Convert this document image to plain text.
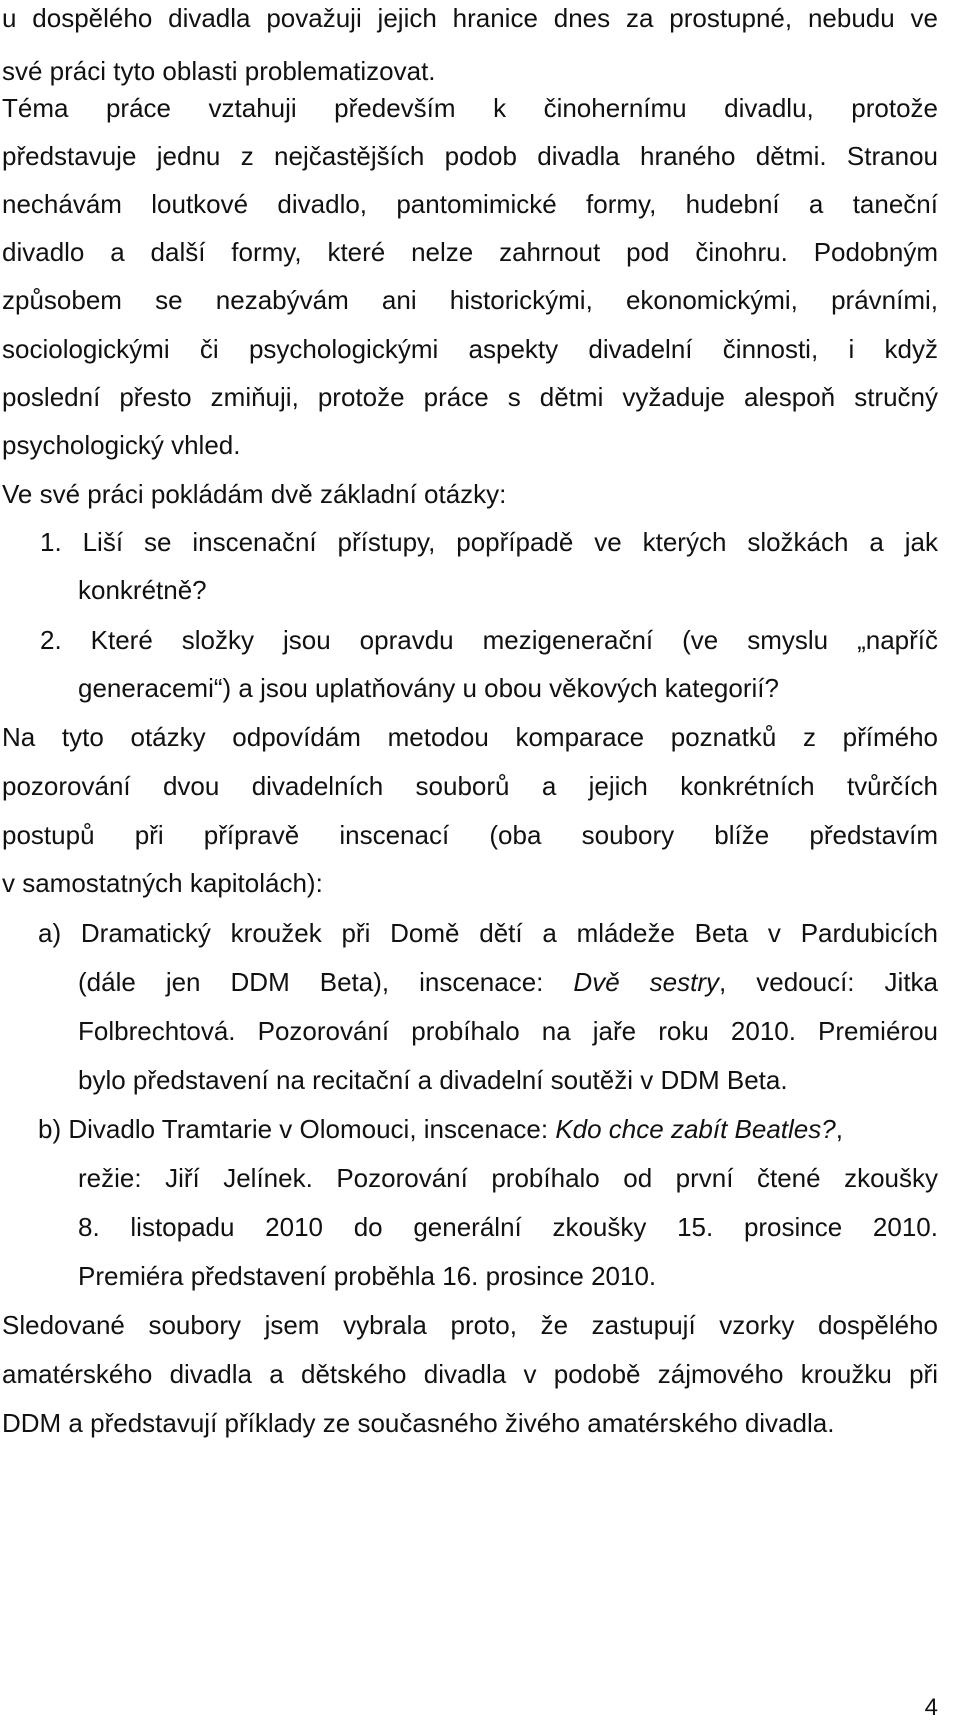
u dospělého divadla považuji jejich hranice dnes za prostupné, nebudu ve
své práci tyto oblasti problematizovat.
Téma práce vztahuji především k činohernímu divadlu, protože
představuje jednu z nejčastějších podob divadla hraného dětmi. Stranou
nechávám loutkové divadlo, pantomimické formy, hudební a taneční
divadlo a další formy, které nelze zahrnout pod činohru. Podobným
způsobem se nezabývám ani historickými, ekonomickými, právními,
sociologickými či psychologickými aspekty divadelní činnosti, i když
poslední přesto zmiňuji, protože práce s dětmi vyžaduje alespoň stručný
psychologický vhled.
Ve své práci pokládám dvě základní otázky:
1. Liší se inscenační přístupy, popřípadě ve kterých složkách a jak
konkrétně?
2. Které složky jsou opravdu mezigenerační (ve smyslu „napříč
generacemi“) a jsou uplatňovány u obou věkových kategorií?
Na tyto otázky odpovídám metodou komparace poznatků z přímého
pozorování dvou divadelních souborů a jejich konkrétních tvůrčích
postupů při přípravě inscenací (oba soubory blíže představím
v samostatných kapitolách):
a) Dramatický kroužek při Domě dětí a mládeže Beta v Pardubicích
(dále jen DDM Beta), inscenace: Dvě sestry, vedoucí: Jitka
Folbrechtová. Pozorování probíhalo na jaře roku 2010. Premiérou
bylo představení na recitační a divadelní soutěži v DDM Beta.
b) Divadlo Tramtarie v Olomouci, inscenace: Kdo chce zabít Beatles?,
režie: Jiří Jelínek. Pozorování probíhalo od první čtené zkoušky
8. listopadu 2010 do generální zkoušky 15. prosince 2010.
Premiéra představení proběhla 16. prosince 2010.
Sledované soubory jsem vybrala proto, že zastupují vzorky dospělého
amatérského divadla a dětského divadla v podobě zájmového kroužku při
DDM a představují příklady ze současného živého amatérského divadla.
4
